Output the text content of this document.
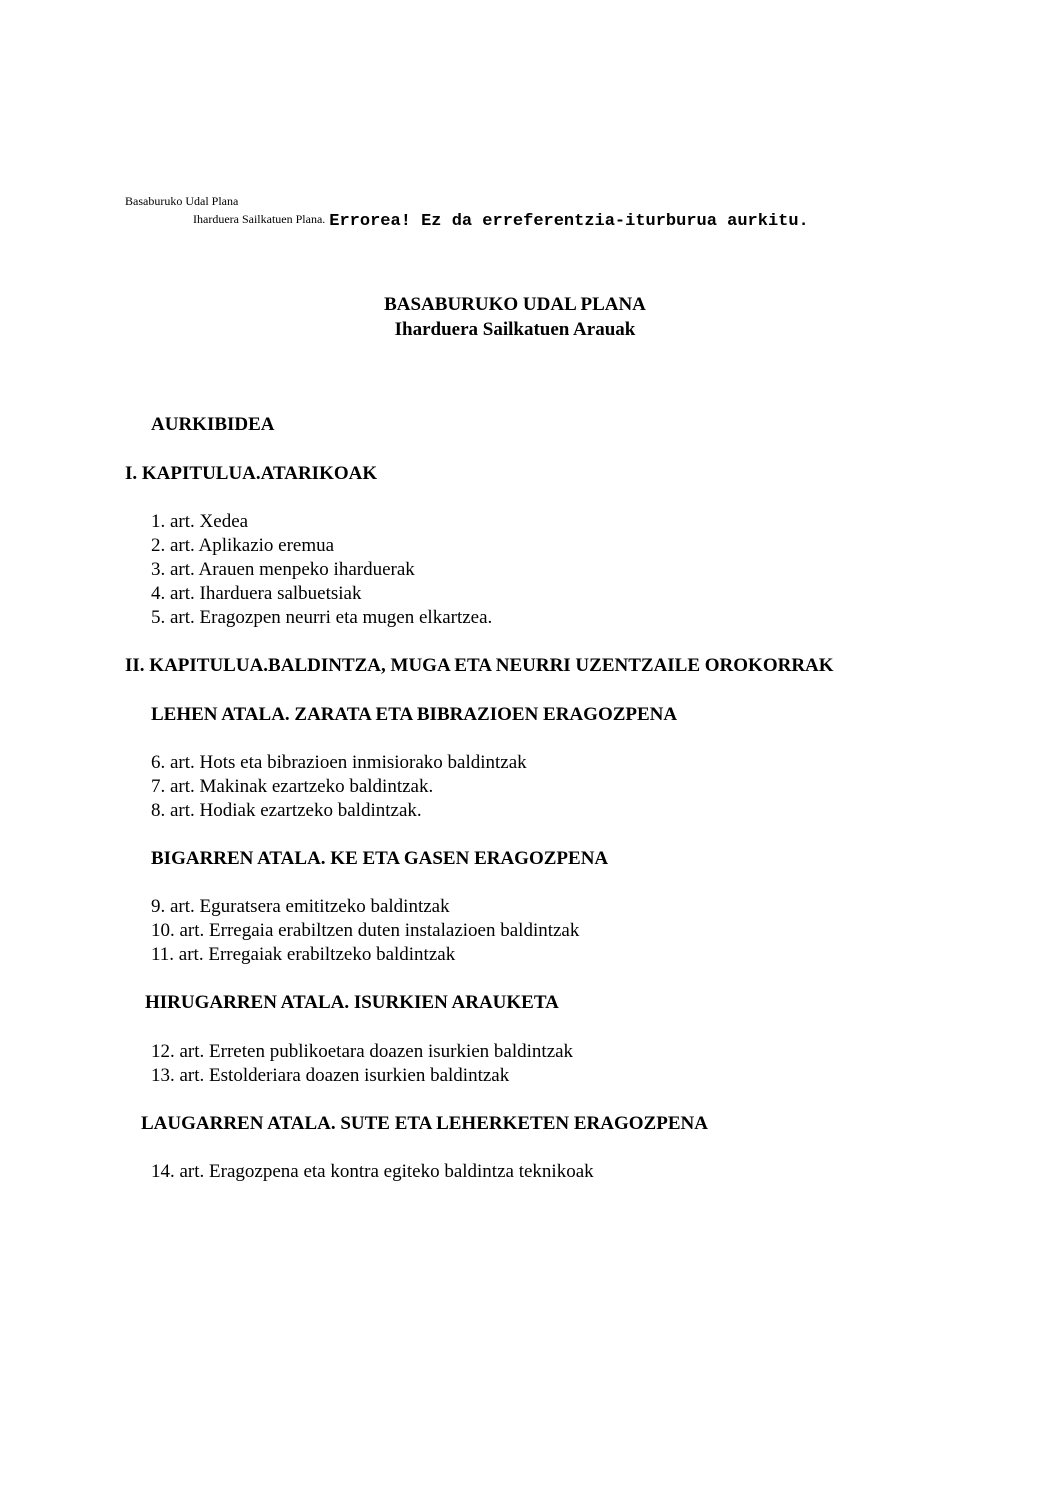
Basaburuko Udal Plana
Iharduera Sailkatuen Plana. Errorea! Ez da erreferentzia-iturburua aurkitu.
BASABURUKO UDAL PLANA
Iharduera Sailkatuen Arauak
AURKIBIDEA
I. KAPITULUA.ATARIKOAK
1. art. Xedea
2. art. Aplikazio eremua
3. art. Arauen menpeko iharduerak
4. art. Iharduera salbuetsiak
5. art. Eragozpen neurri eta mugen elkartzea.
II. KAPITULUA.BALDINTZA, MUGA ETA NEURRI UZENTZAILE OROKORRAK
LEHEN ATALA. ZARATA ETA BIBRAZIOEN ERAGOZPENA
6. art. Hots eta bibrazioen inmisiorako baldintzak
7. art. Makinak ezartzeko baldintzak.
8. art. Hodiak ezartzeko baldintzak.
BIGARREN ATALA. KE ETA GASEN ERAGOZPENA
9. art. Eguratsera emititzeko baldintzak
10. art. Erregaia erabiltzen duten instalazioen baldintzak
11. art. Erregaiak erabiltzeko baldintzak
HIRUGARREN ATALA. ISURKIEN ARAUKETA
12. art. Erreten publikoetara doazen isurkien baldintzak
13. art. Estolderiara doazen isurkien baldintzak
LAUGARREN ATALA. SUTE ETA LEHERKETEN ERAGOZPENA
14. art. Eragozpena eta kontra egiteko baldintza teknikoak
